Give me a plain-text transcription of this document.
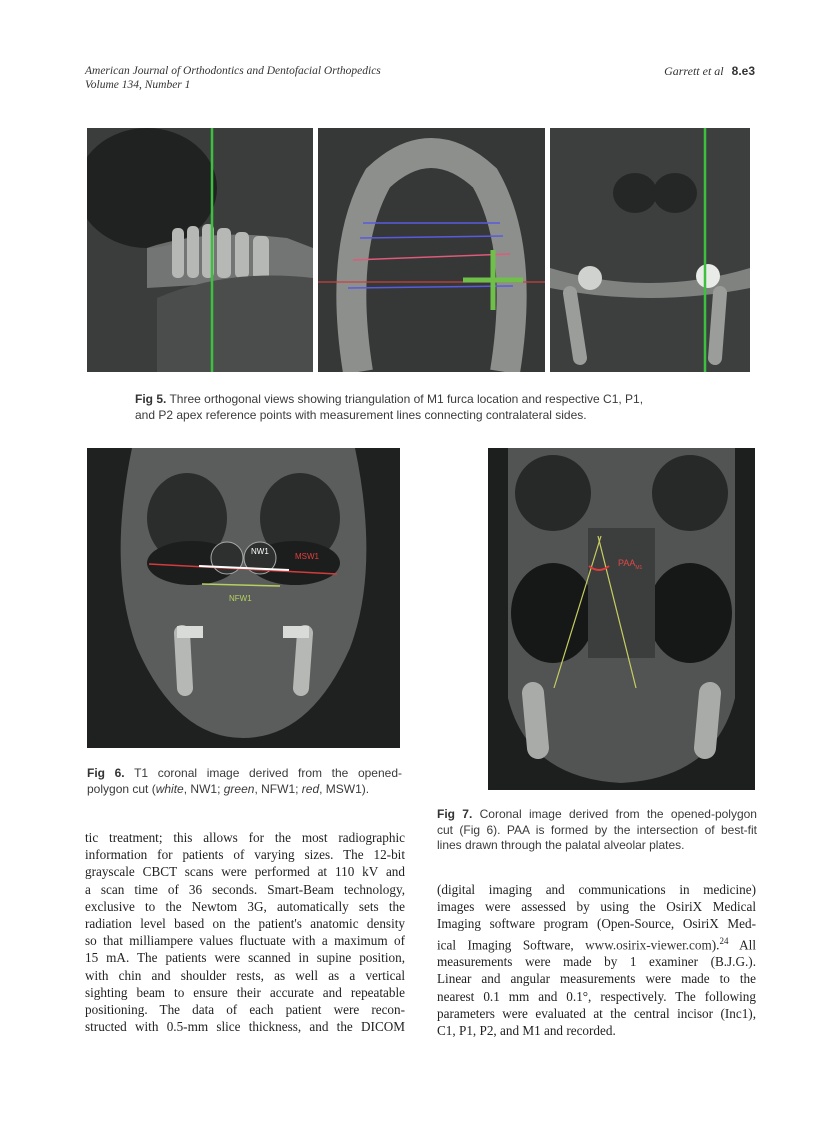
American Journal of Orthodontics and Dentofacial Orthopedics
Volume 134, Number 1
Garrett et al 8.e3
Fig 5. Three orthogonal views showing triangulation of M1 furca location and respective C1, P1,
and P2 apex reference points with measurement lines connecting contralateral sides.
NW1
MSW1
NFW1
Fig 6. T1 coronal image derived from the opened-
polygon cut (white, NW1; green, NFW1; red, MSW1).
$PAA_{M1}$
Fig 7. Coronal image derived from the opened-polygon
cut (Fig 6). PAA is formed by the intersection of best-fit
lines drawn through the palatal alveolar plates.
tic treatment; this allows for the most radiographic
information for patients of varying sizes. The 12-bit
grayscale CBCT scans were performed at 110 kV and
a scan time of 36 seconds. Smart-Beam technology,
exclusive to the Newtom 3G, automatically sets the
radiation level based on the patient's anatomic density
so that milliampere values fluctuate with a maximum of
15 mA. The patients were scanned in supine position,
with chin and shoulder rests, as well as a vertical
sighting beam to ensure their accurate and repeatable
positioning. The data of each patient were recon-
structed with 0.5-mm slice thickness, and the DICOM
(digital imaging and communications in medicine)
images were assessed by using the OsiriX Medical
Imaging software program (Open-Source, OsiriX Med-
ical Imaging Software, www.osirix-viewer.com).$^{24}$ All
measurements were made by 1 examiner (B.J.G.).
Linear and angular measurements were made to the
nearest 0.1 mm and 0.1°, respectively. The following
parameters were evaluated at the central incisor (Inc1),
C1, P1, P2, and M1 and recorded.
